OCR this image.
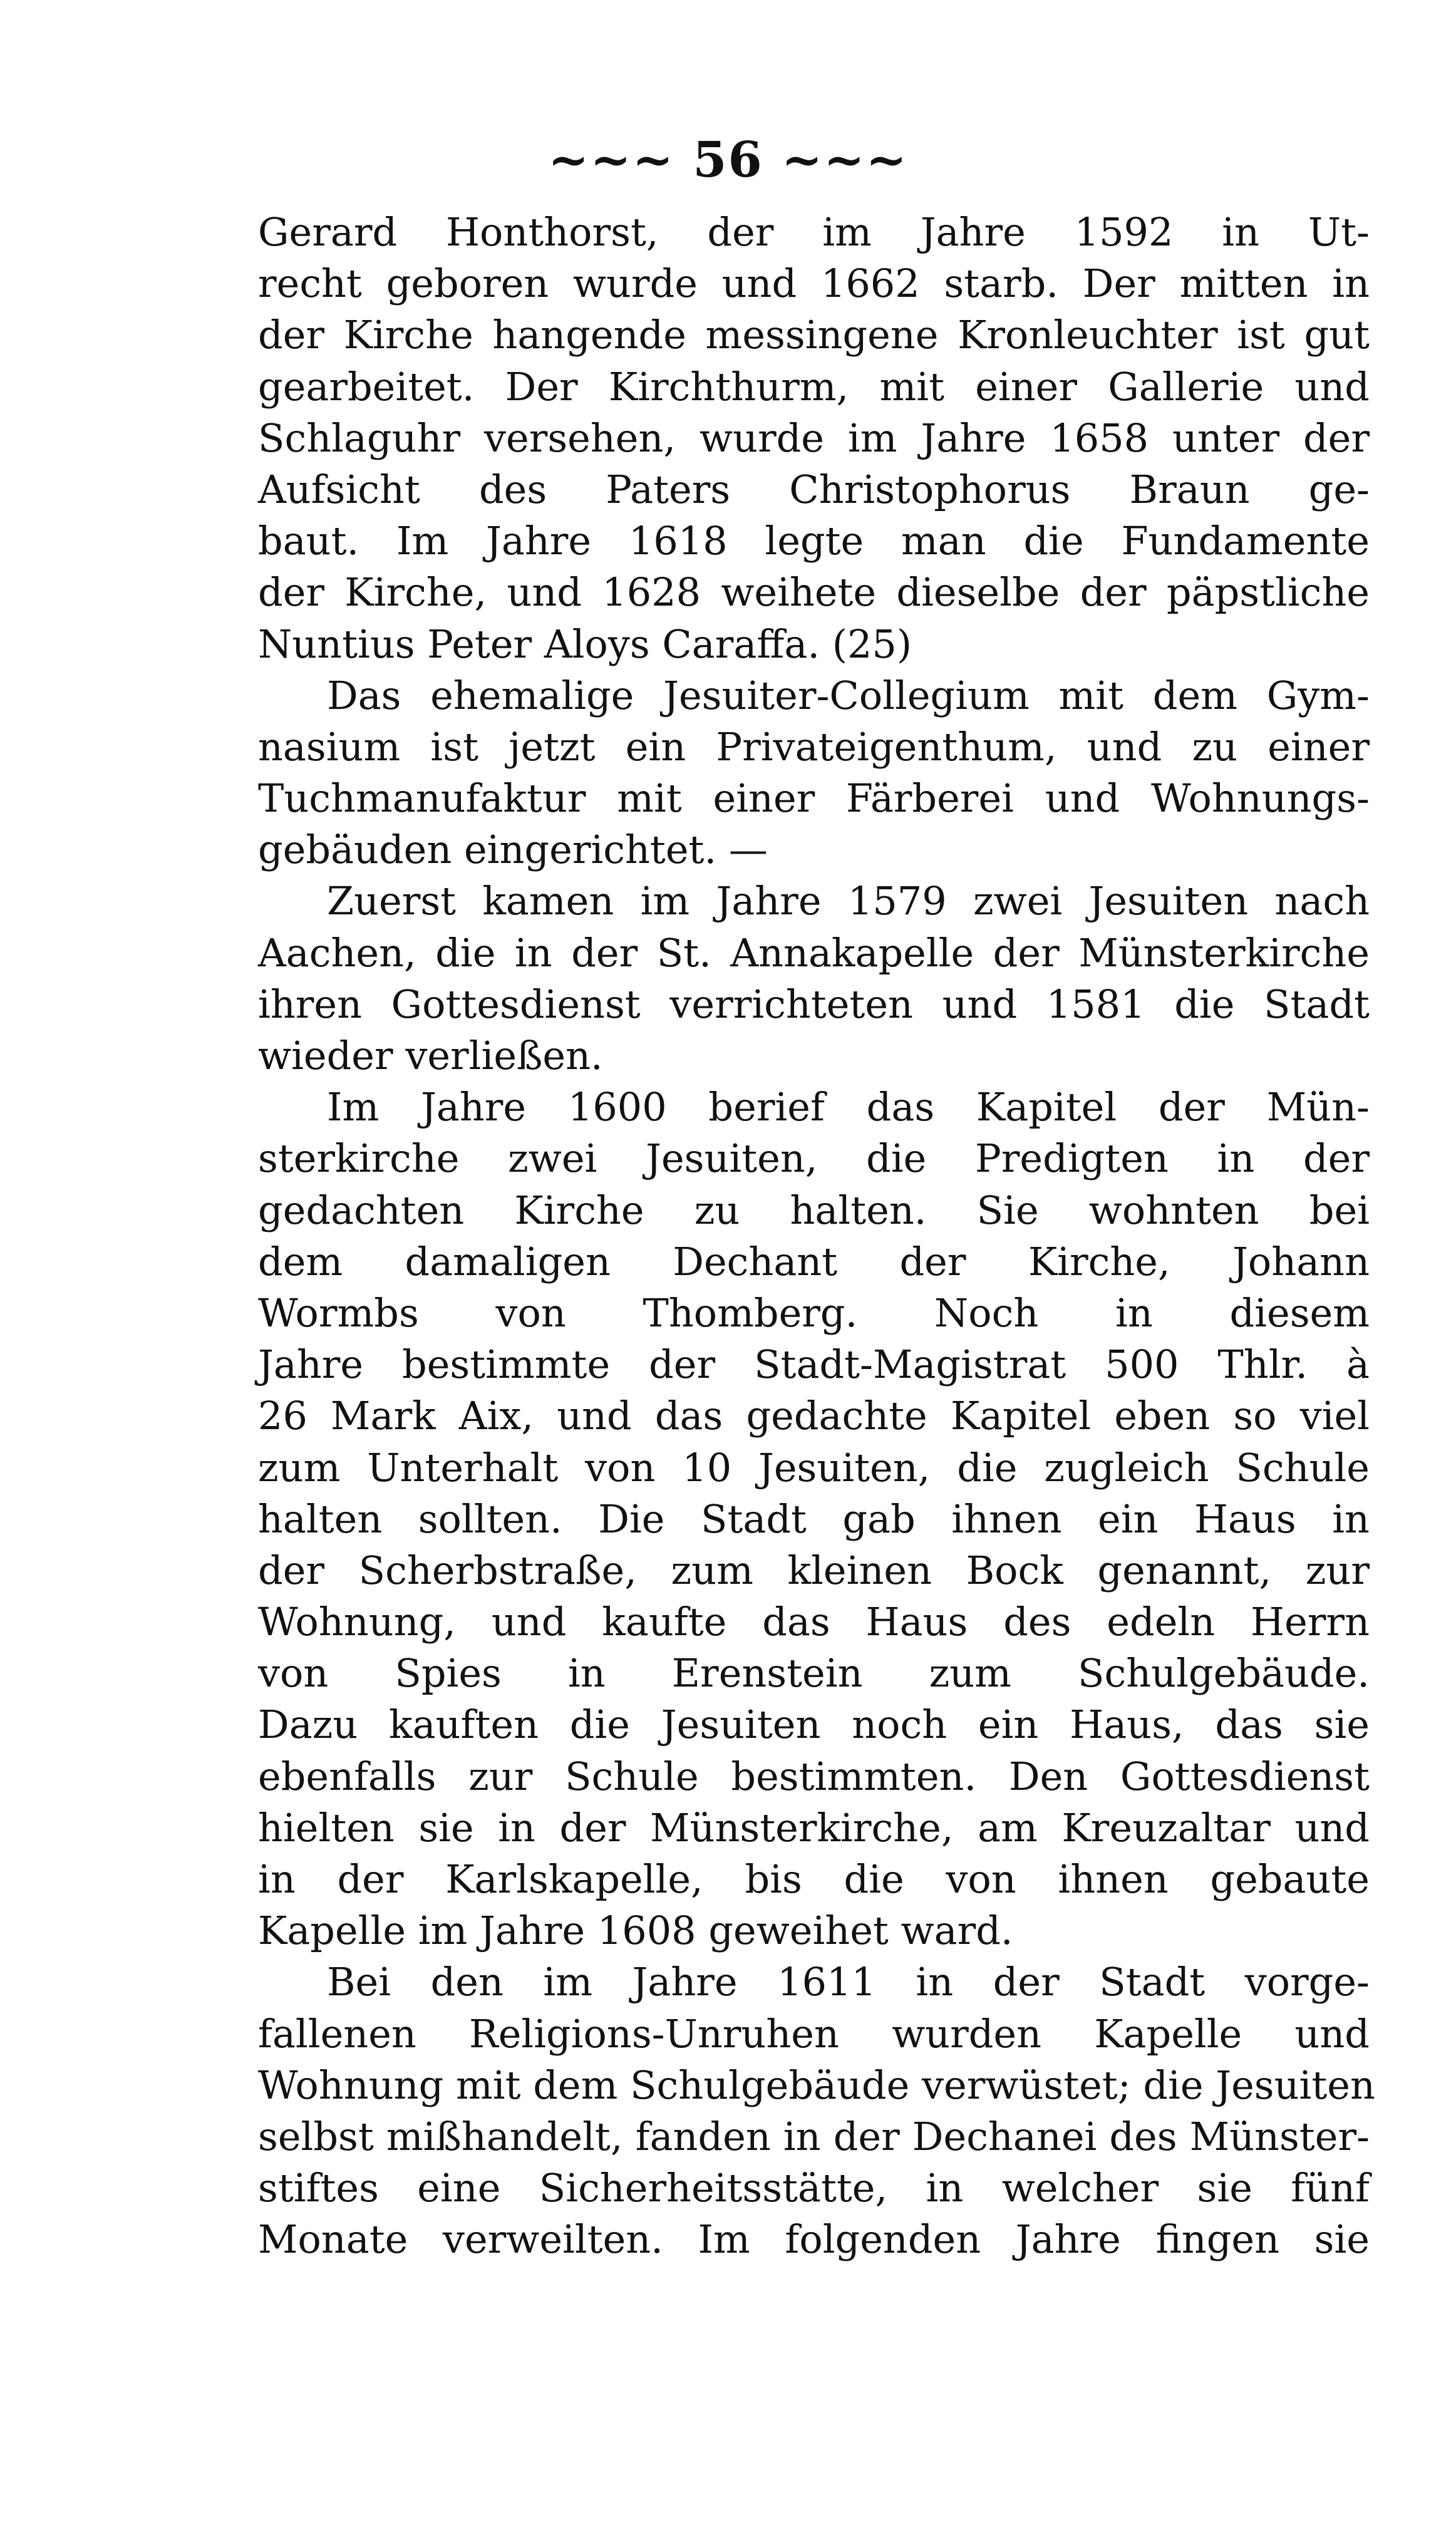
~~~ 56 ~~~
Gerard Honthorst, der im Jahre 1592 in Ut-
recht geboren wurde und 1662 starb. Der mitten in
der Kirche hangende messingene Kronleuchter ist gut
gearbeitet. Der Kirchthurm, mit einer Gallerie und
Schlaguhr versehen, wurde im Jahre 1658 unter der
Aufsicht des Paters Christophorus Braun ge-
baut. Im Jahre 1618 legte man die Fundamente
der Kirche, und 1628 weihete dieselbe der päpstliche
Nuntius Peter Aloys Caraffa. (25)
Das ehemalige Jesuiter-Collegium mit dem Gym-
nasium ist jetzt ein Privateigenthum, und zu einer
Tuchmanufaktur mit einer Färberei und Wohnungs-
gebäuden eingerichtet. —
Zuerst kamen im Jahre 1579 zwei Jesuiten nach
Aachen, die in der St. Annakapelle der Münsterkirche
ihren Gottesdienst verrichteten und 1581 die Stadt
wieder verließen.
Im Jahre 1600 berief das Kapitel der Mün-
sterkirche zwei Jesuiten, die Predigten in der
gedachten Kirche zu halten. Sie wohnten bei
dem damaligen Dechant der Kirche, Johann
Wormbs von Thomberg. Noch in diesem
Jahre bestimmte der Stadt-Magistrat 500 Thlr. à
26 Mark Aix, und das gedachte Kapitel eben so viel
zum Unterhalt von 10 Jesuiten, die zugleich Schule
halten sollten. Die Stadt gab ihnen ein Haus in
der Scherbstraße, zum kleinen Bock genannt, zur
Wohnung, und kaufte das Haus des edeln Herrn
von Spies in Erenstein zum Schulgebäude.
Dazu kauften die Jesuiten noch ein Haus, das sie
ebenfalls zur Schule bestimmten. Den Gottesdienst
hielten sie in der Münsterkirche, am Kreuzaltar und
in der Karlskapelle, bis die von ihnen gebaute
Kapelle im Jahre 1608 geweihet ward.
Bei den im Jahre 1611 in der Stadt vorge-
fallenen Religions-Unruhen wurden Kapelle und
Wohnung mit dem Schulgebäude verwüstet; die Jesuiten
selbst mißhandelt, fanden in der Dechanei des Münster-
stiftes eine Sicherheitsstätte, in welcher sie fünf
Monate verweilten. Im folgenden Jahre fingen sie
